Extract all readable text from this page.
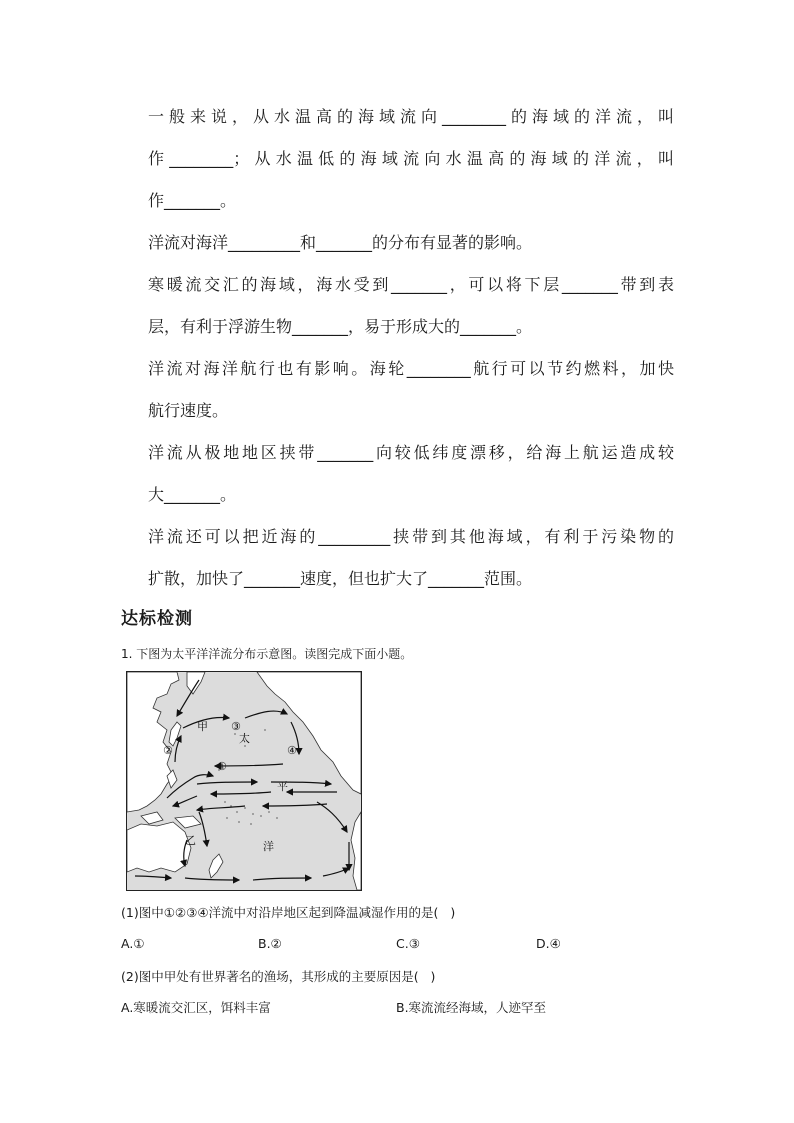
一般来说，从水温高的海域流向________的海域的洋流，叫
作________；从水温低的海域流向水温高的海域的洋流，叫
作_______。
洋流对海洋_________和_______的分布有显著的影响。
寒暖流交汇的海域，海水受到_______，可以将下层_______带到表
层，有利于浮游生物_______，易于形成大的_______。
洋流对海洋航行也有影响。海轮________航行可以节约燃料，加快
航行速度。
洋流从极地地区挟带_______向较低纬度漂移，给海上航运造成较
大_______。
洋流还可以把近海的_________挟带到其他海域，有利于污染物的
扩散，加快了_______速度，但也扩大了_______范围。
达标检测
1. 下图为太平洋洋流分布示意图。读图完成下面小题。
甲 ③
太
②	④
①
平
乙	洋
(1)图中①②③④洋流中对沿岸地区起到降温减湿作用的是(   )
A.①	B.②	C.③	D.④
(2)图中甲处有世界著名的渔场，其形成的主要原因是(   )
A.寒暖流交汇区，饵料丰富	B.寒流流经海域，人迹罕至
